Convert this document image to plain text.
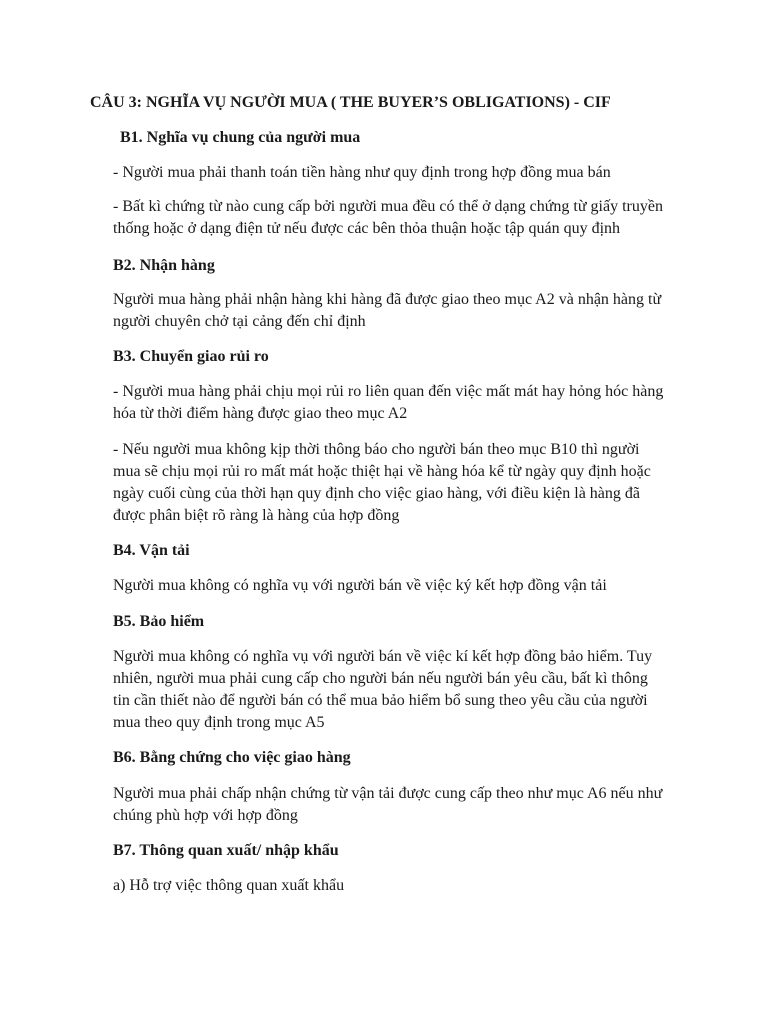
CÂU 3: NGHĨA VỤ NGƯỜI MUA ( THE BUYER’S OBLIGATIONS) - CIF
B1. Nghĩa vụ chung của người mua
- Người mua phải thanh toán tiền hàng như quy định trong hợp đồng mua bán
- Bất kì chứng từ nào cung cấp bởi người mua đều có thể ở dạng chứng từ giấy truyền
thống hoặc ở dạng điện tử nếu được các bên thỏa thuận hoặc tập quán quy định
B2. Nhận hàng
Người mua hàng phải nhận hàng khi hàng đã được giao theo mục A2 và nhận hàng từ
người chuyên chở tại cảng đến chỉ định
B3. Chuyển giao rủi ro
- Người mua hàng phải chịu mọi rủi ro liên quan đến việc mất mát hay hỏng hóc hàng
hóa từ thời điểm hàng được giao theo mục A2
- Nếu người mua không kịp thời thông báo cho người bán theo mục B10 thì người
mua sẽ chịu mọi rủi ro mất mát hoặc thiệt hại về hàng hóa kể từ ngày quy định hoặc
ngày cuối cùng của thời hạn quy định cho việc giao hàng, với điều kiện là hàng đã
được phân biệt rõ ràng là hàng của hợp đồng
B4. Vận tải
Người mua không có nghĩa vụ với người bán về việc ký kết hợp đồng vận tải
B5. Bảo hiểm
Người mua không có nghĩa vụ với người bán về việc kí kết hợp đồng bảo hiểm. Tuy
nhiên, người mua phải cung cấp cho người bán nếu người bán yêu cầu, bất kì thông
tin cần thiết nào để người bán có thể mua bảo hiểm bổ sung theo yêu cầu của người
mua theo quy định trong mục A5
B6. Bằng chứng cho việc giao hàng
Người mua phải chấp nhận chứng từ vận tải được cung cấp theo như mục A6 nếu như
chúng phù hợp với hợp đồng
B7. Thông quan xuất/ nhập khẩu
a) Hỗ trợ việc thông quan xuất khẩu
